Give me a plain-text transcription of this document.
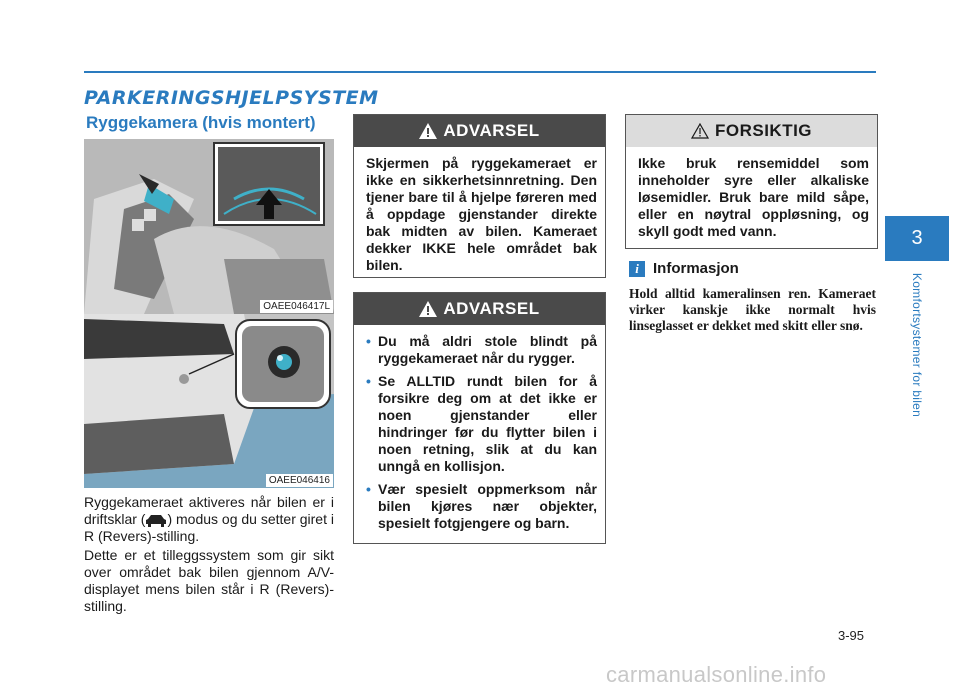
PARKERINGSHJELPSYSTEM
Ryggekamera (hvis montert)
OAEE046417L
OAEE046416
Ryggekameraet aktiveres når bilen er i driftsklar ( ) modus og du setter giret i R (Revers)-stilling.
Dette er et tilleggssystem som gir sikt over området bak bilen gjennom A/V-displayet mens bilen står i R (Revers)-stilling.
ADVARSEL
Skjermen på ryggekameraet er ikke en sikkerhetsinnretning. Den tjener bare til å hjelpe føreren med å oppdage gjenstander direkte bak midten av bilen. Kameraet dekker IKKE hele området bak bilen.
ADVARSEL
• Du må aldri stole blindt på ryggekameraet når du rygger.
• Se ALLTID rundt bilen for å forsikre deg om at det ikke er noen gjenstander eller hindringer før du flytter bilen i noen retning, slik at du kan unngå en kollisjon.
• Vær spesielt oppmerksom når bilen kjøres nær objekter, spesielt fotgjengere og barn.
FORSIKTIG
Ikke bruk rensemiddel som inneholder syre eller alkaliske løsemidler. Bruk bare mild såpe, eller en nøytral oppløsning, og skyll godt med vann.
i Informasjon
Hold alltid kameralinsen ren. Kameraet virker kanskje ikke normalt hvis linseglasset er dekket med skitt eller snø.
3
Komfortsystemer for bilen
3-95
carmanualsonline.info
